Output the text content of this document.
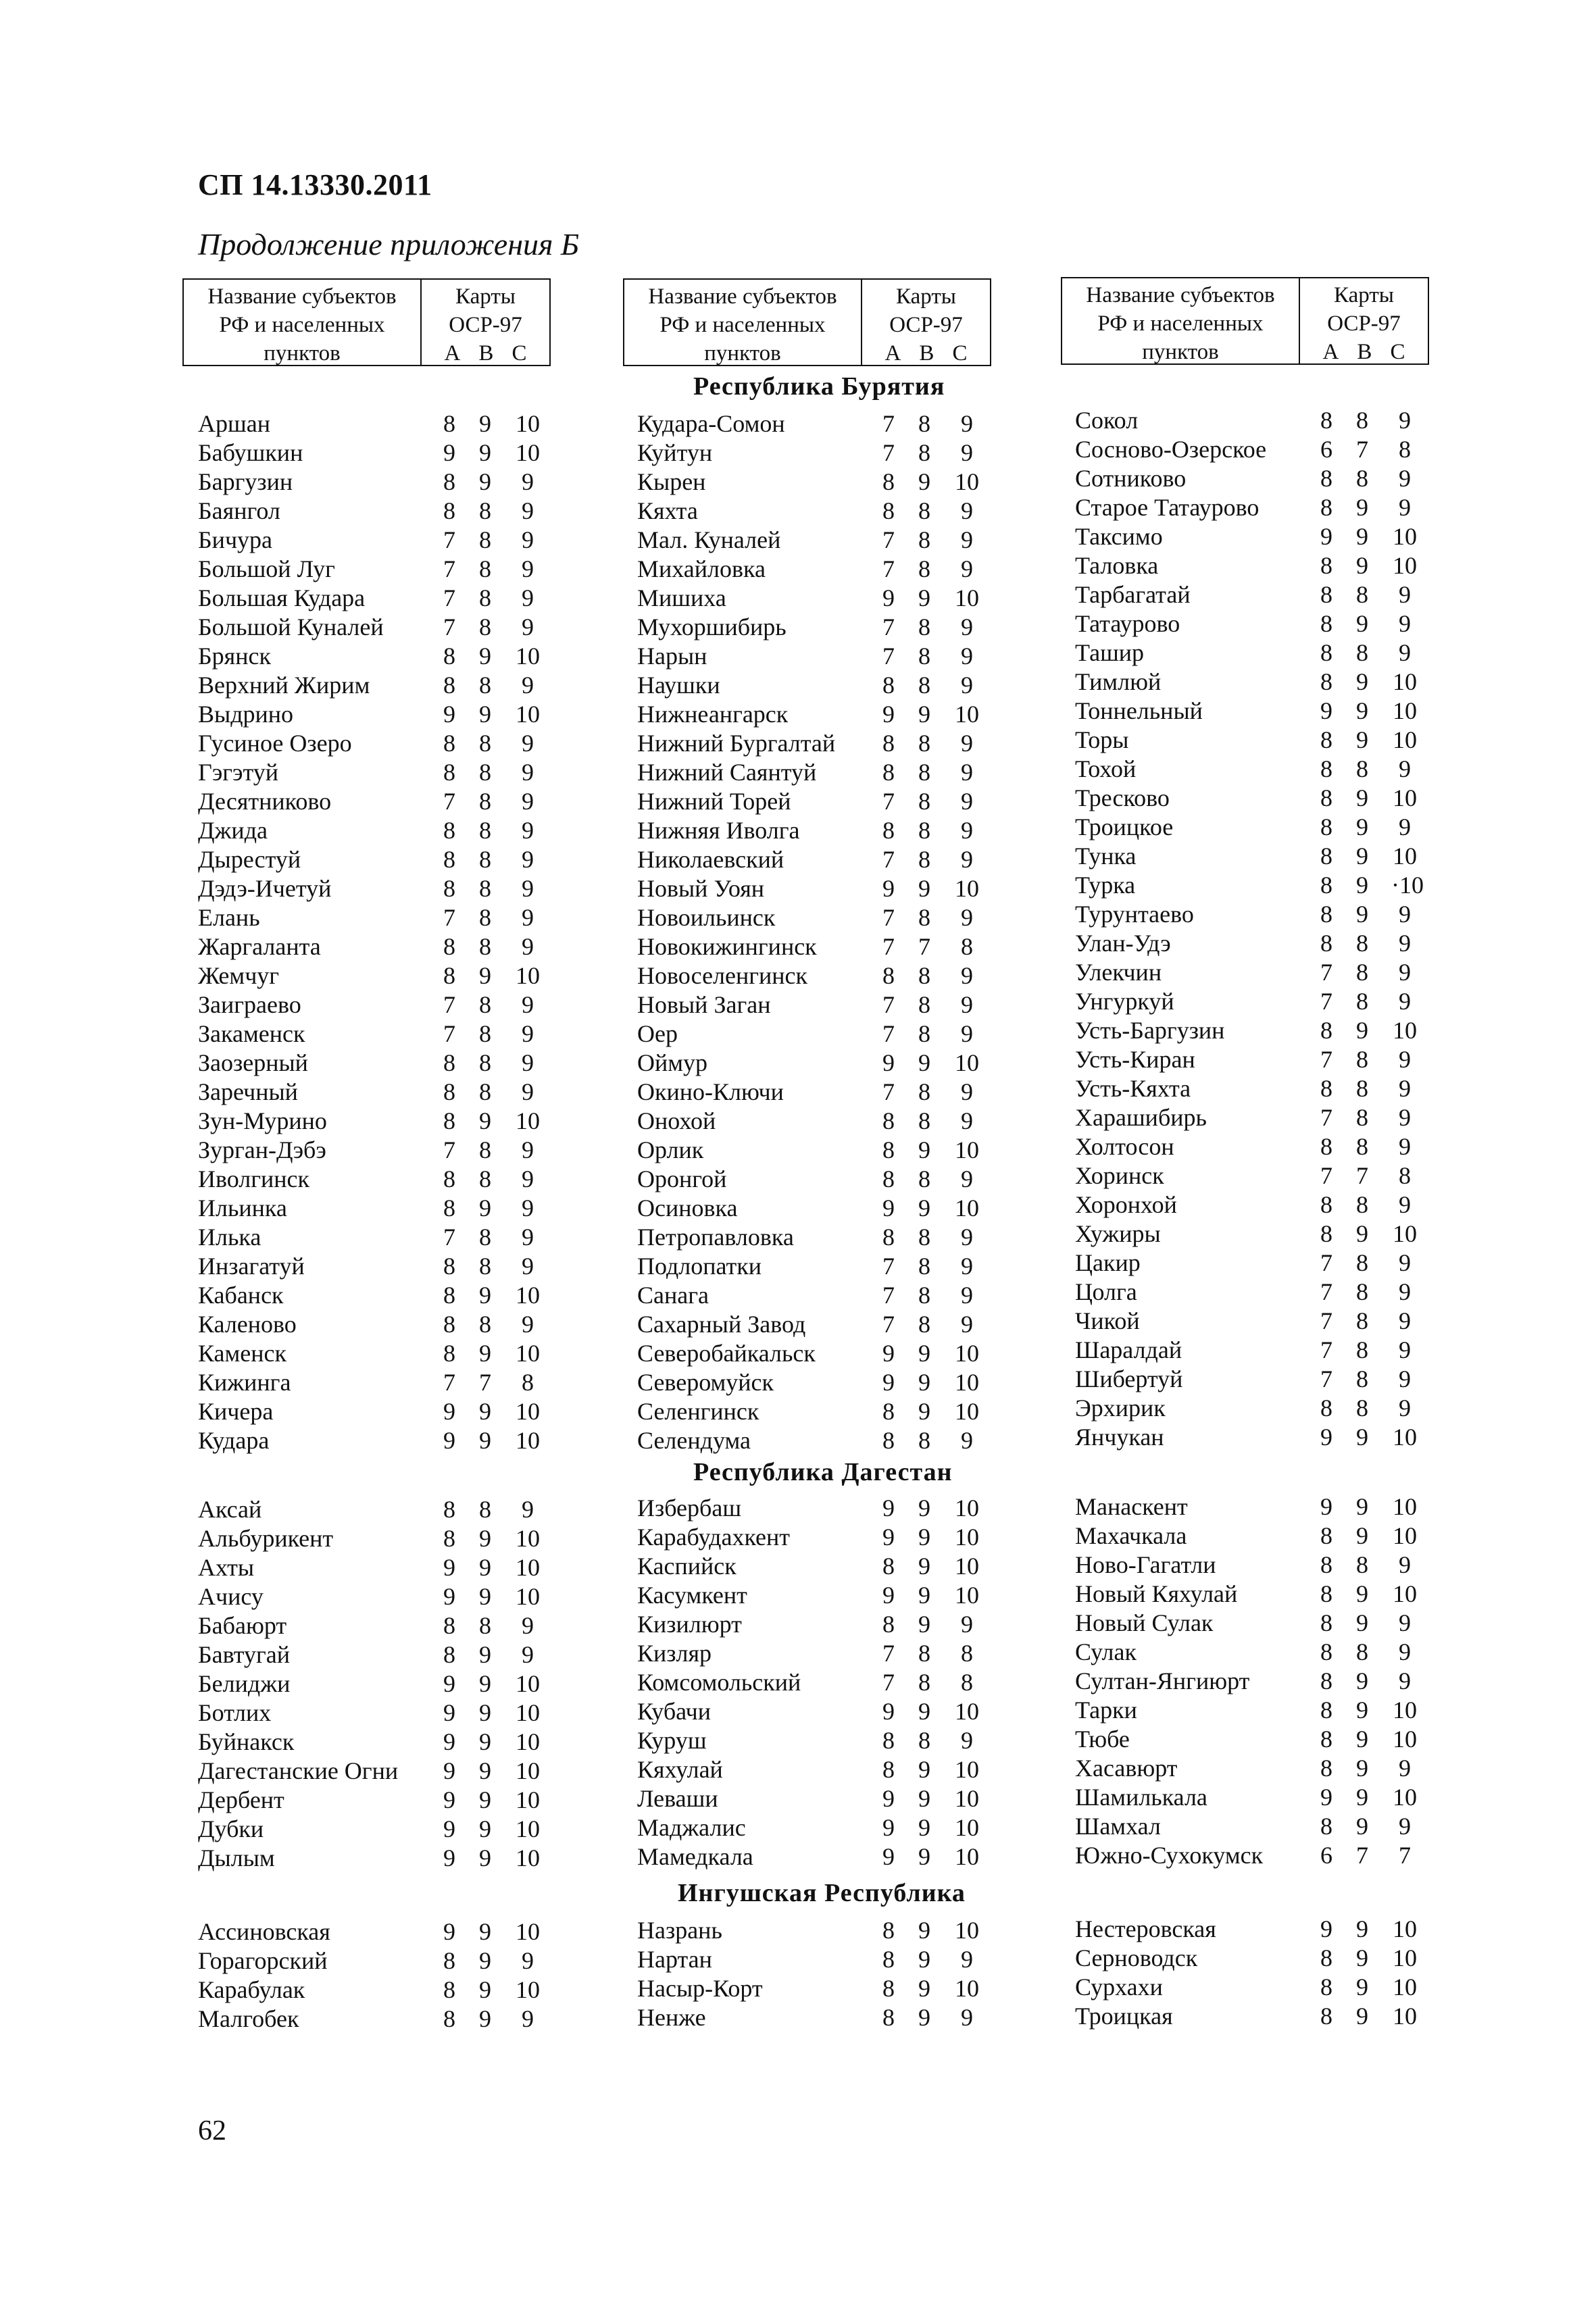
СП 14.13330.2011
Продолжение приложения Б
Название субъектов
РФ и населенных
пунктов
Карты
ОСР-97
А В С
Название субъектов
РФ и населенных
пунктов
Карты
ОСР-97
А В С
Название субъектов
РФ и населенных
пунктов
Карты
ОСР-97
А В С
Республика Бурятия
Республика Дагестан
Ингушская Республика
Аршан	8 9	10
Бабушкин	9 9	10
Баргузин	8 9	9
Баянгол	8 8	9
Бичура	7 8	9
Большой Луг	7 8	9
Большая Кудара	7 8	9
Большой Куналей	7 8	9
Брянск	8 9	10
Верхний Жирим	8 8	9
Выдрино	9 9	10
Гусиное Озеро	8 8	9
Гэгэтуй	8 8	9
Десятниково	7 8	9
Джида	8 8	9
Дырестуй	8 8	9
Дэдэ-Ичетуй	8 8	9
Елань	7 8	9
Жаргаланта	8 8	9
Жемчуг	8 9	10
Заиграево	7 8	9
Закаменск	7 8	9
Заозерный	8 8	9
Заречный	8 8	9
Зун-Мурино	8 9	10
Зурган-Дэбэ	7 8	9
Иволгинск	8 8	9
Ильинка	8 9	9
Илька	7 8	9
Инзагатуй	8 8	9
Кабанск	8 9	10
Каленово	8 8	9
Каменск	8 9	10
Кижинга	7 7	8
Кичера	9 9	10
Кудара	9 9	10
Кудара-Сомон	7 8	9
Куйтун	7 8	9
Кырен	8 9	10
Кяхта	8 8	9
Мал. Куналей	7 8	9
Михайловка	7 8	9
Мишиха	9 9	10
Мухоршибирь	7 8	9
Нарын	7 8	9
Наушки	8 8	9
Нижнеангарск	9 9	10
Нижний Бургалтай	8 8	9
Нижний Саянтуй	8 8	9
Нижний Торей	7 8	9
Нижняя Иволга	8 8	9
Николаевский	7 8	9
Новый Уоян	9 9	10
Новоильинск	7 8	9
Новокижингинск	7 7	8
Новоселенгинск	8 8	9
Новый Заган	7 8	9
Оер	7 8	9
Оймур	9 9	10
Окино-Ключи	7 8	9
Онохой	8 8	9
Орлик	8 9	10
Оронгой	8 8	9
Осиновка	9 9	10
Петропавловка	8 8	9
Подлопатки	7 8	9
Санага	7 8	9
Сахарный Завод	7 8	9
Северобайкальск	9 9	10
Северомуйск	9 9	10
Селенгинск	8 9	10
Селендума	8 8	9
Сокол	8 8	9
Сосново-Озерское	6 7	8
Сотниково	8 8	9
Старое Татаурово	8 9	9
Таксимо	9 9	10
Таловка	8 9	10
Тарбагатай	8 8	9
Татаурово	8 9	9
Ташир	8 8	9
Тимлюй	8 9	10
Тоннельный	9 9	10
Торы	8 9	10
Тохой	8 8	9
Тресково	8 9	10
Троицкое	8 9	9
Тунка	8 9	10
Турка	8 9 ·10
Турунтаево	8 9	9
Улан-Удэ	8 8	9
Улекчин	7 8	9
Унгуркуй	7 8	9
Усть-Баргузин	8 9	10
Усть-Киран	7 8	9
Усть-Кяхта	8 8	9
Харашибирь	7 8	9
Холтосон	8 8	9
Хоринск	7 7	8
Хоронхой	8 8	9
Хужиры	8 9	10
Цакир	7 8	9
Цолга	7 8	9
Чикой	7 8	9
Шаралдай	7 8	9
Шибертуй	7 8	9
Эрхирик	8 8	9
Янчукан	9 9	10
Аксай	8 8	9
Альбурикент	8 9	10
Ахты	9 9	10
Ачису	9 9	10
Бабаюрт	8 8	9
Бавтугай	8 9	9
Белиджи	9 9	10
Ботлих	9 9	10
Буйнакск	9 9	10
Дагестанские Огни	9 9	10
Дербент	9 9	10
Дубки	9 9	10
Дылым	9 9	10
Избербаш	9 9	10
Карабудахкент	9 9	10
Каспийск	8 9	10
Касумкент	9 9	10
Кизилюрт	8 9	9
Кизляр	7 8	8
Комсомольский	7 8	8
Кубачи	9 9	10
Куруш	8 8	9
Кяхулай	8 9	10
Леваши	9 9	10
Маджалис	9 9	10
Мамедкала	9 9	10
Манаскент	9 9	10
Махачкала	8 9	10
Ново-Гагатли	8 8	9
Новый Кяхулай	8 9	10
Новый Сулак	8 9	9
Сулак	8 8	9
Султан-Янгиюрт	8 9	9
Тарки	8 9	10
Тюбе	8 9	10
Хасавюрт	8 9	9
Шамилькала	9 9	10
Шамхал	8 9	9
Южно-Сухокумск	6 7	7
Ассиновская	9 9	10
Горагорский	8 9	9
Карабулак	8 9	10
Малгобек	8 9	9
Назрань	8 9	10
Нартан	8 9	9
Насыр-Корт	8 9	10
Ненже	8 9	9
Нестеровская	9 9	10
Серноводск	8 9	10
Сурхахи	8 9	10
Троицкая	8 9	10
62
